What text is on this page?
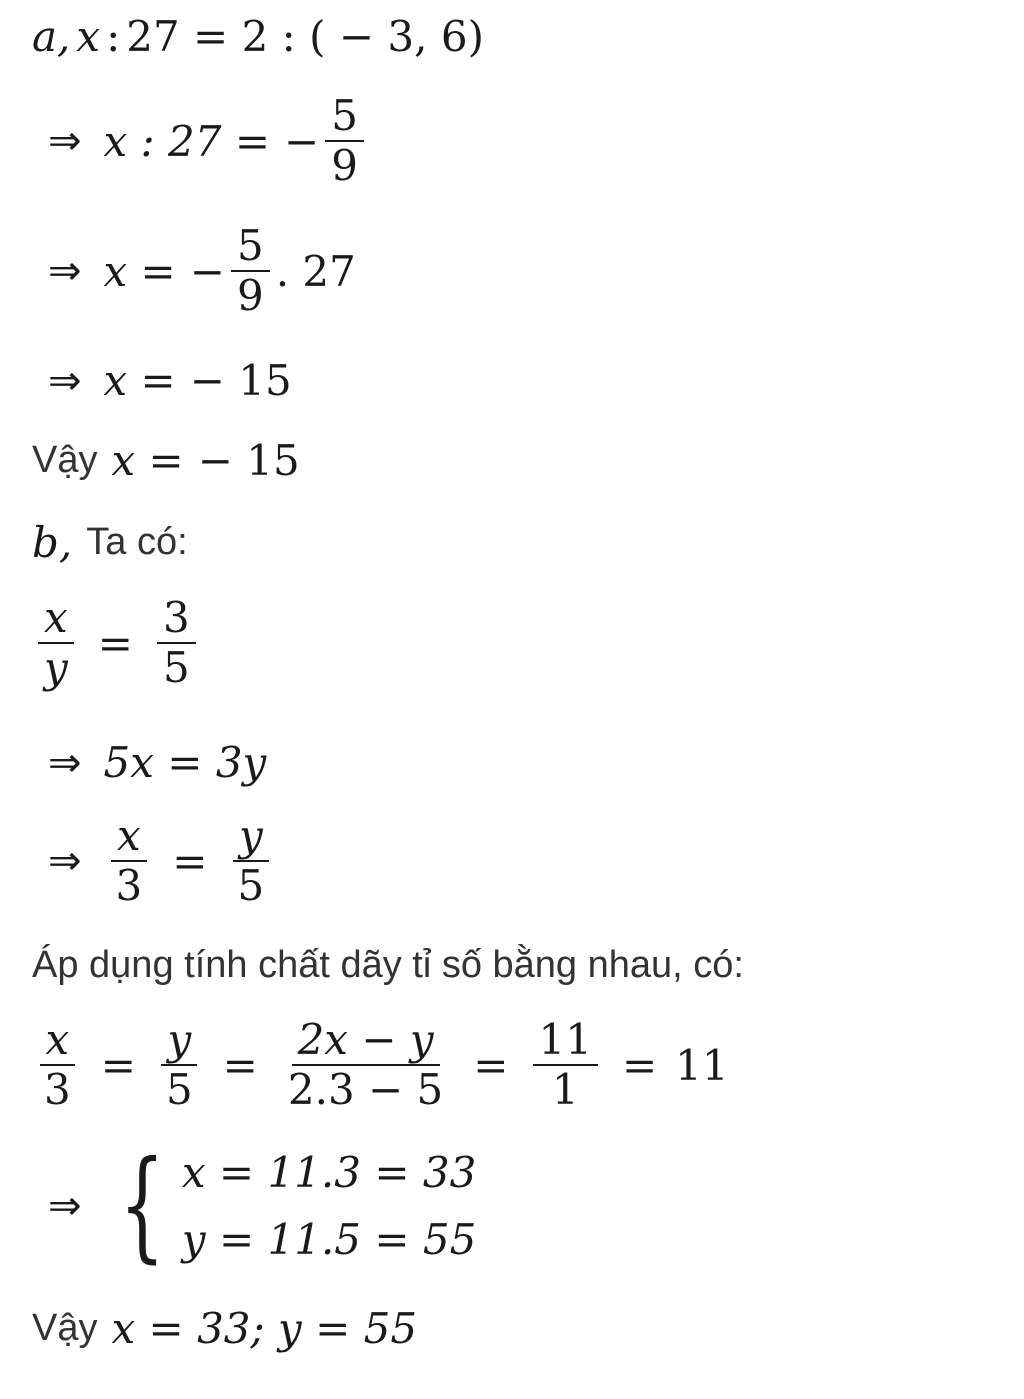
a, x : 27 = 2 : ( − 3, 6)
⇒ x : 27 = − $\frac{5}{9}$
⇒ x = − $\frac{5}{9}$ . 27
⇒ x = − 15
Vậy x = − 15
b, Ta có:
$\frac{x}{y} = \frac{3}{5}$
⇒ 5x = 3y
⇒ $\frac{x}{3} = \frac{y}{5}$
Áp dụng tính chất dãy tỉ số bằng nhau, có:
$\frac{x}{3} = \frac{y}{5} = \frac{2x - y}{2.3 - 5} = \frac{11}{1} = 11$
⇒ { x = 11.3 = 33
y = 11.5 = 55
Vậy x = 33; y = 55
